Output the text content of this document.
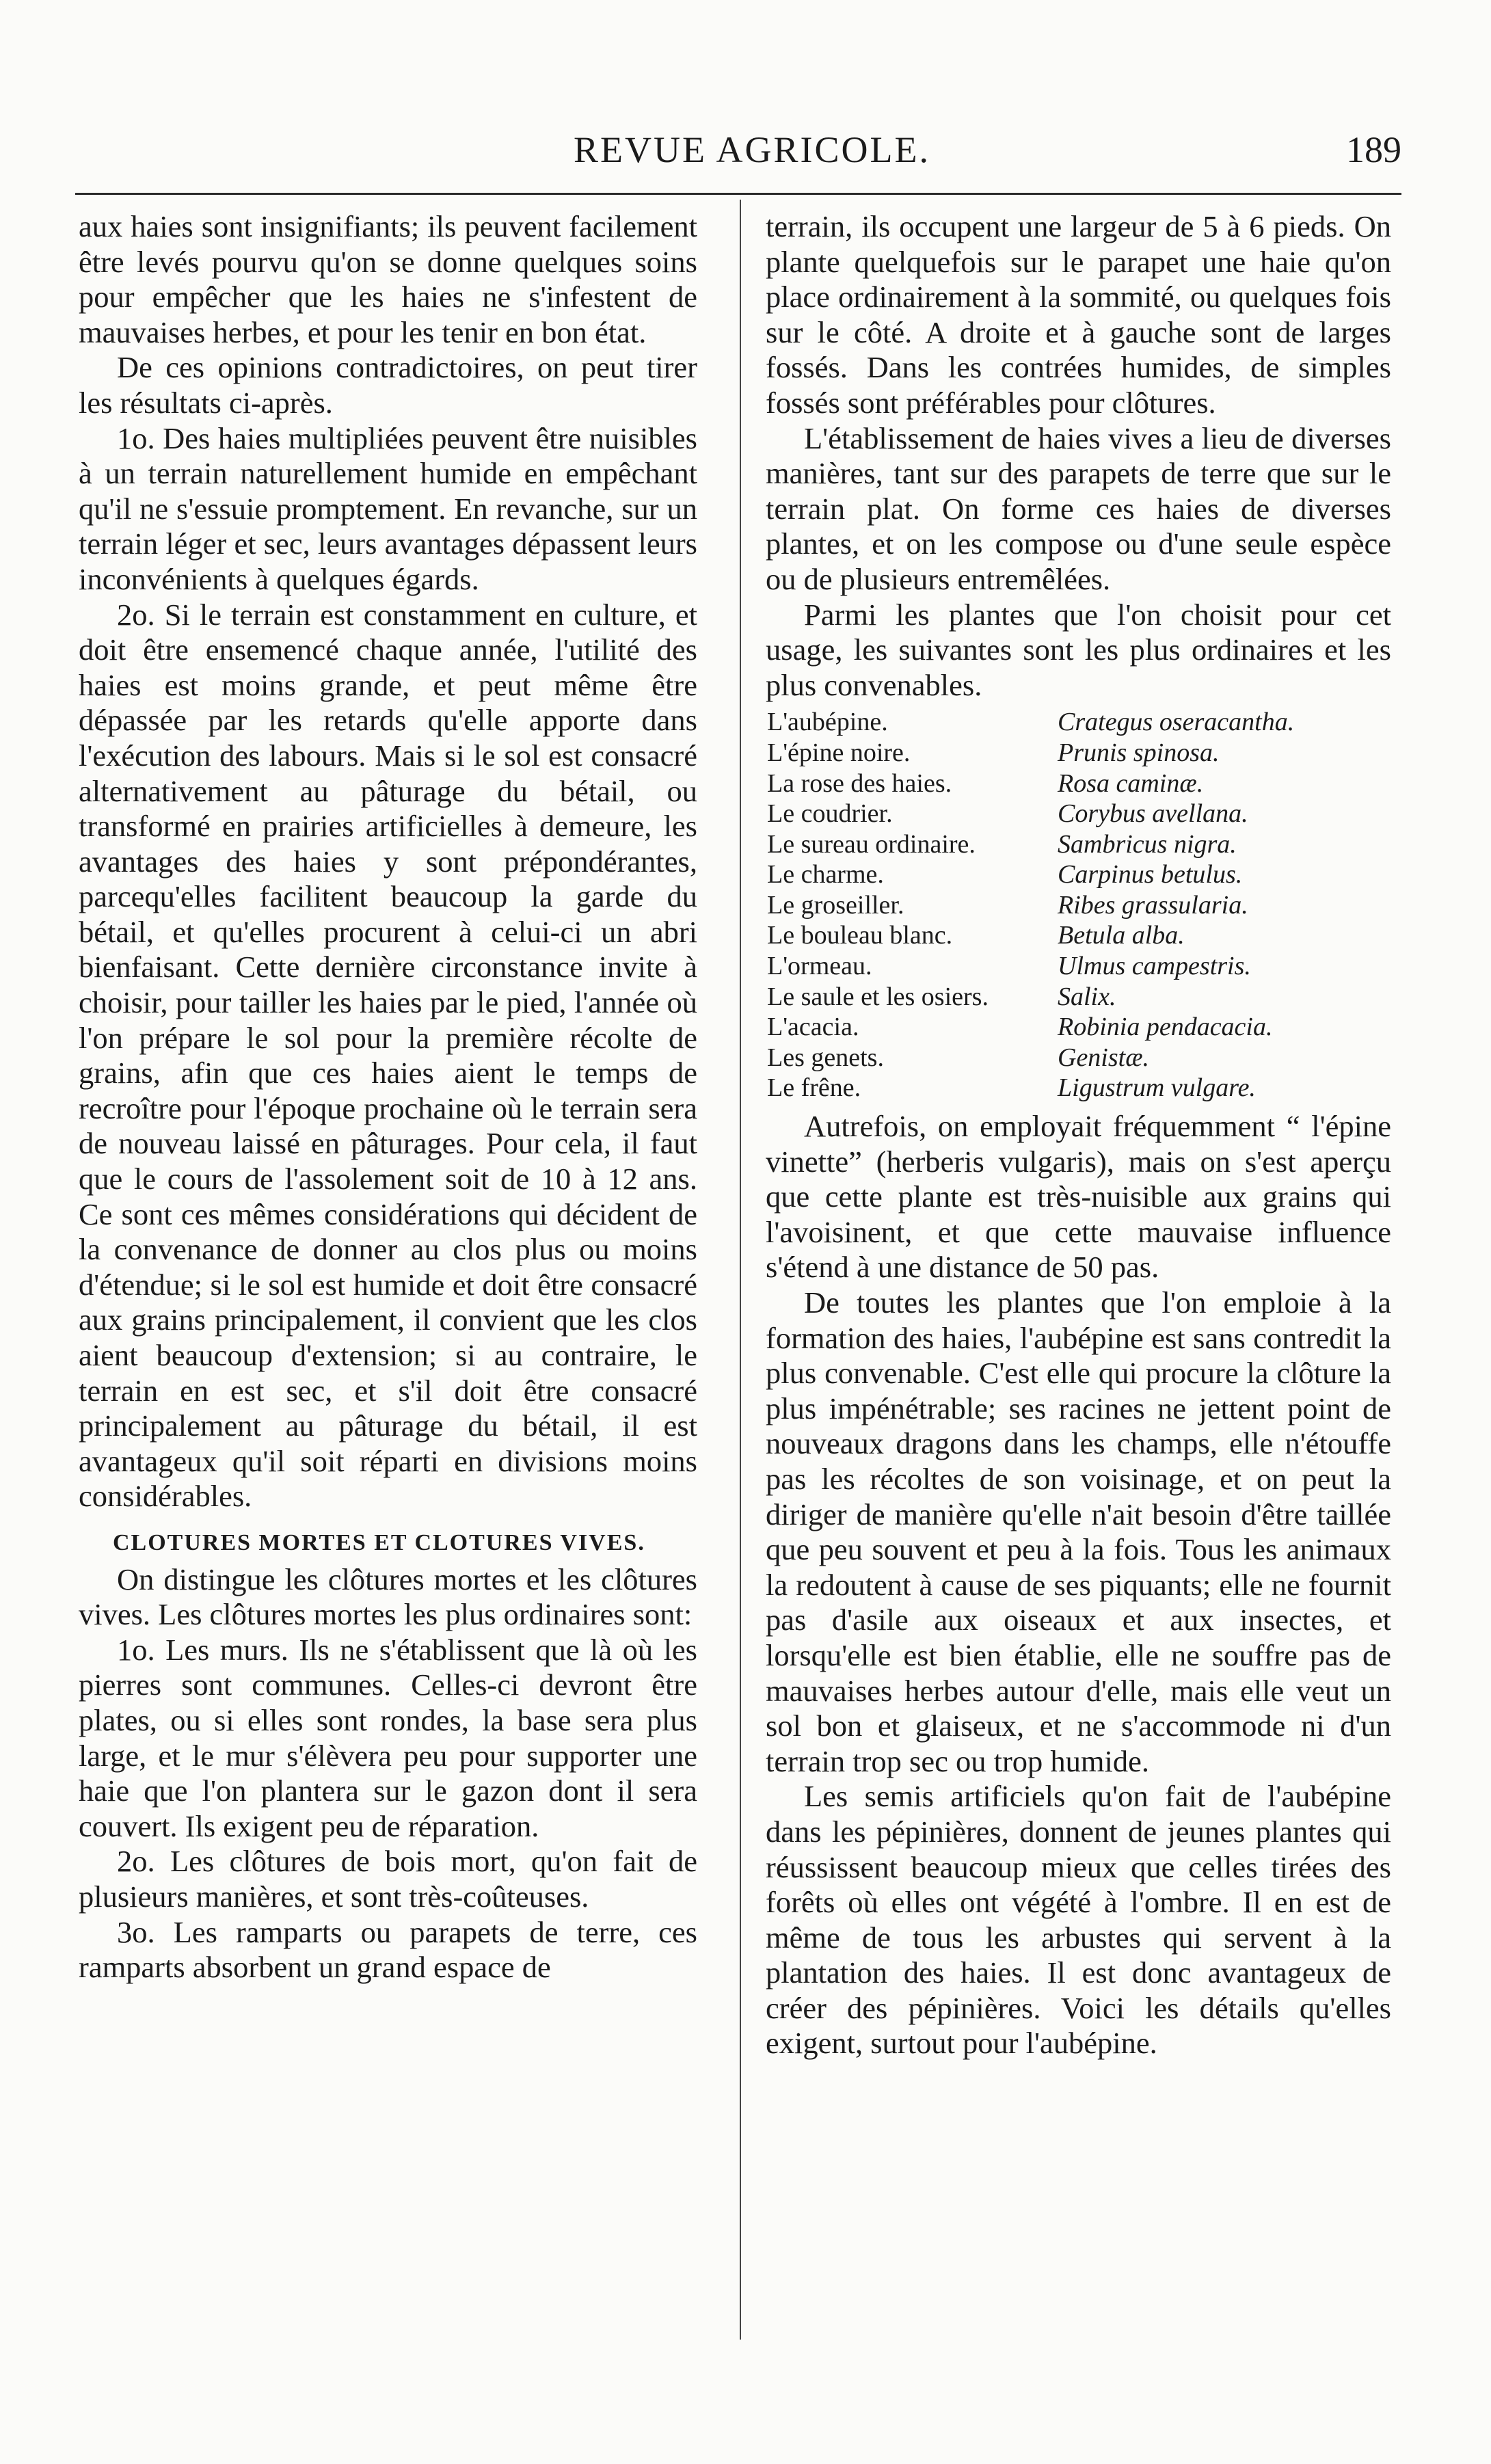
REVUE AGRICOLE.	189

aux haies sont insignifiants; ils peuvent facilement être levés pourvu qu'on se donne quelques soins pour empêcher que les haies ne s'infestent de mauvaises herbes, et pour les tenir en bon état.

De ces opinions contradictoires, on peut tirer les résultats ci-après.

1o. Des haies multipliées peuvent être nuisibles à un terrain naturellement humide en empêchant qu'il ne s'essuie promptement. En revanche, sur un terrain léger et sec, leurs avantages dépassent leurs inconvénients à quelques égards.

2o. Si le terrain est constamment en culture, et doit être ensemencé chaque année, l'utilité des haies est moins grande, et peut même être dépassée par les retards qu'elle apporte dans l'exécution des labours. Mais si le sol est consacré alternativement au pâturage du bétail, ou transformé en prairies artificielles à demeure, les avantages des haies y sont prépondérantes, parcequ'elles facilitent beaucoup la garde du bétail, et qu'elles procurent à celui-ci un abri bienfaisant. Cette dernière circonstance invite à choisir, pour tailler les haies par le pied, l'année où l'on prépare le sol pour la première récolte de grains, afin que ces haies aient le temps de recroître pour l'époque prochaine où le terrain sera de nouveau laissé en pâturages. Pour cela, il faut que le cours de l'assolement soit de 10 à 12 ans. Ce sont ces mêmes considérations qui décident de la convenance de donner au clos plus ou moins d'étendue; si le sol est humide et doit être consacré aux grains principalement, il convient que les clos aient beaucoup d'extension; si au contraire, le terrain en est sec, et s'il doit être consacré principalement au pâturage du bétail, il est avantageux qu'il soit réparti en divisions moins considérables.

CLOTURES MORTES ET CLOTURES VIVES.

On distingue les clôtures mortes et les clôtures vives. Les clôtures mortes les plus ordinaires sont:

1o. Les murs. Ils ne s'établissent que là où les pierres sont communes. Celles-ci devront être plates, ou si elles sont rondes, la base sera plus large, et le mur s'élèvera peu pour supporter une haie que l'on plantera sur le gazon dont il sera couvert. Ils exigent peu de réparation.

2o. Les clôtures de bois mort, qu'on fait de plusieurs manières, et sont très-coûteuses.

3o. Les ramparts ou parapets de terre, ces ramparts absorbent un grand espace de

terrain, ils occupent une largeur de 5 à 6 pieds. On plante quelquefois sur le parapet une haie qu'on place ordinairement à la sommité, ou quelques fois sur le côté. A droite et à gauche sont de larges fossés. Dans les contrées humides, de simples fossés sont préférables pour clôtures.

L'établissement de haies vives a lieu de diverses manières, tant sur des parapets de terre que sur le terrain plat. On forme ces haies de diverses plantes, et on les compose ou d'une seule espèce ou de plusieurs entremêlées.

Parmi les plantes que l'on choisit pour cet usage, les suivantes sont les plus ordinaires et les plus convenables.

L'aubépine.	Crategus oseracantha.
L'épine noire.	Prunis spinosa.
La rose des haies.	Rosa caminæ.
Le coudrier.	Corybus avellana.
Le sureau ordinaire.	Sambricus nigra.
Le charme.	Carpinus betulus.
Le groseiller.	Ribes grassularia.
Le bouleau blanc.	Betula alba.
L'ormeau.	Ulmus campestris.
Le saule et les osiers.	Salix.
L'acacia.	Robinia pendacacia.
Les genets.	Genistæ.
Le frêne.	Ligustrum vulgare.

Autrefois, on employait fréquemment “ l'épine vinette” (herberis vulgaris), mais on s'est aperçu que cette plante est très-nuisible aux grains qui l'avoisinent, et que cette mauvaise influence s'étend à une distance de 50 pas.

De toutes les plantes que l'on emploie à la formation des haies, l'aubépine est sans contredit la plus convenable. C'est elle qui procure la clôture la plus impénétrable; ses racines ne jettent point de nouveaux dragons dans les champs, elle n'étouffe pas les récoltes de son voisinage, et on peut la diriger de manière qu'elle n'ait besoin d'être taillée que peu souvent et peu à la fois. Tous les animaux la redoutent à cause de ses piquants; elle ne fournit pas d'asile aux oiseaux et aux insectes, et lorsqu'elle est bien établie, elle ne souffre pas de mauvaises herbes autour d'elle, mais elle veut un sol bon et glaiseux, et ne s'accommode ni d'un terrain trop sec ou trop humide.

Les semis artificiels qu'on fait de l'aubépine dans les pépinières, donnent de jeunes plantes qui réussissent beaucoup mieux que celles tirées des forêts où elles ont végété à l'ombre. Il en est de même de tous les arbustes qui servent à la plantation des haies. Il est donc avantageux de créer des pépinières. Voici les détails qu'elles exigent, surtout pour l'aubépine.
